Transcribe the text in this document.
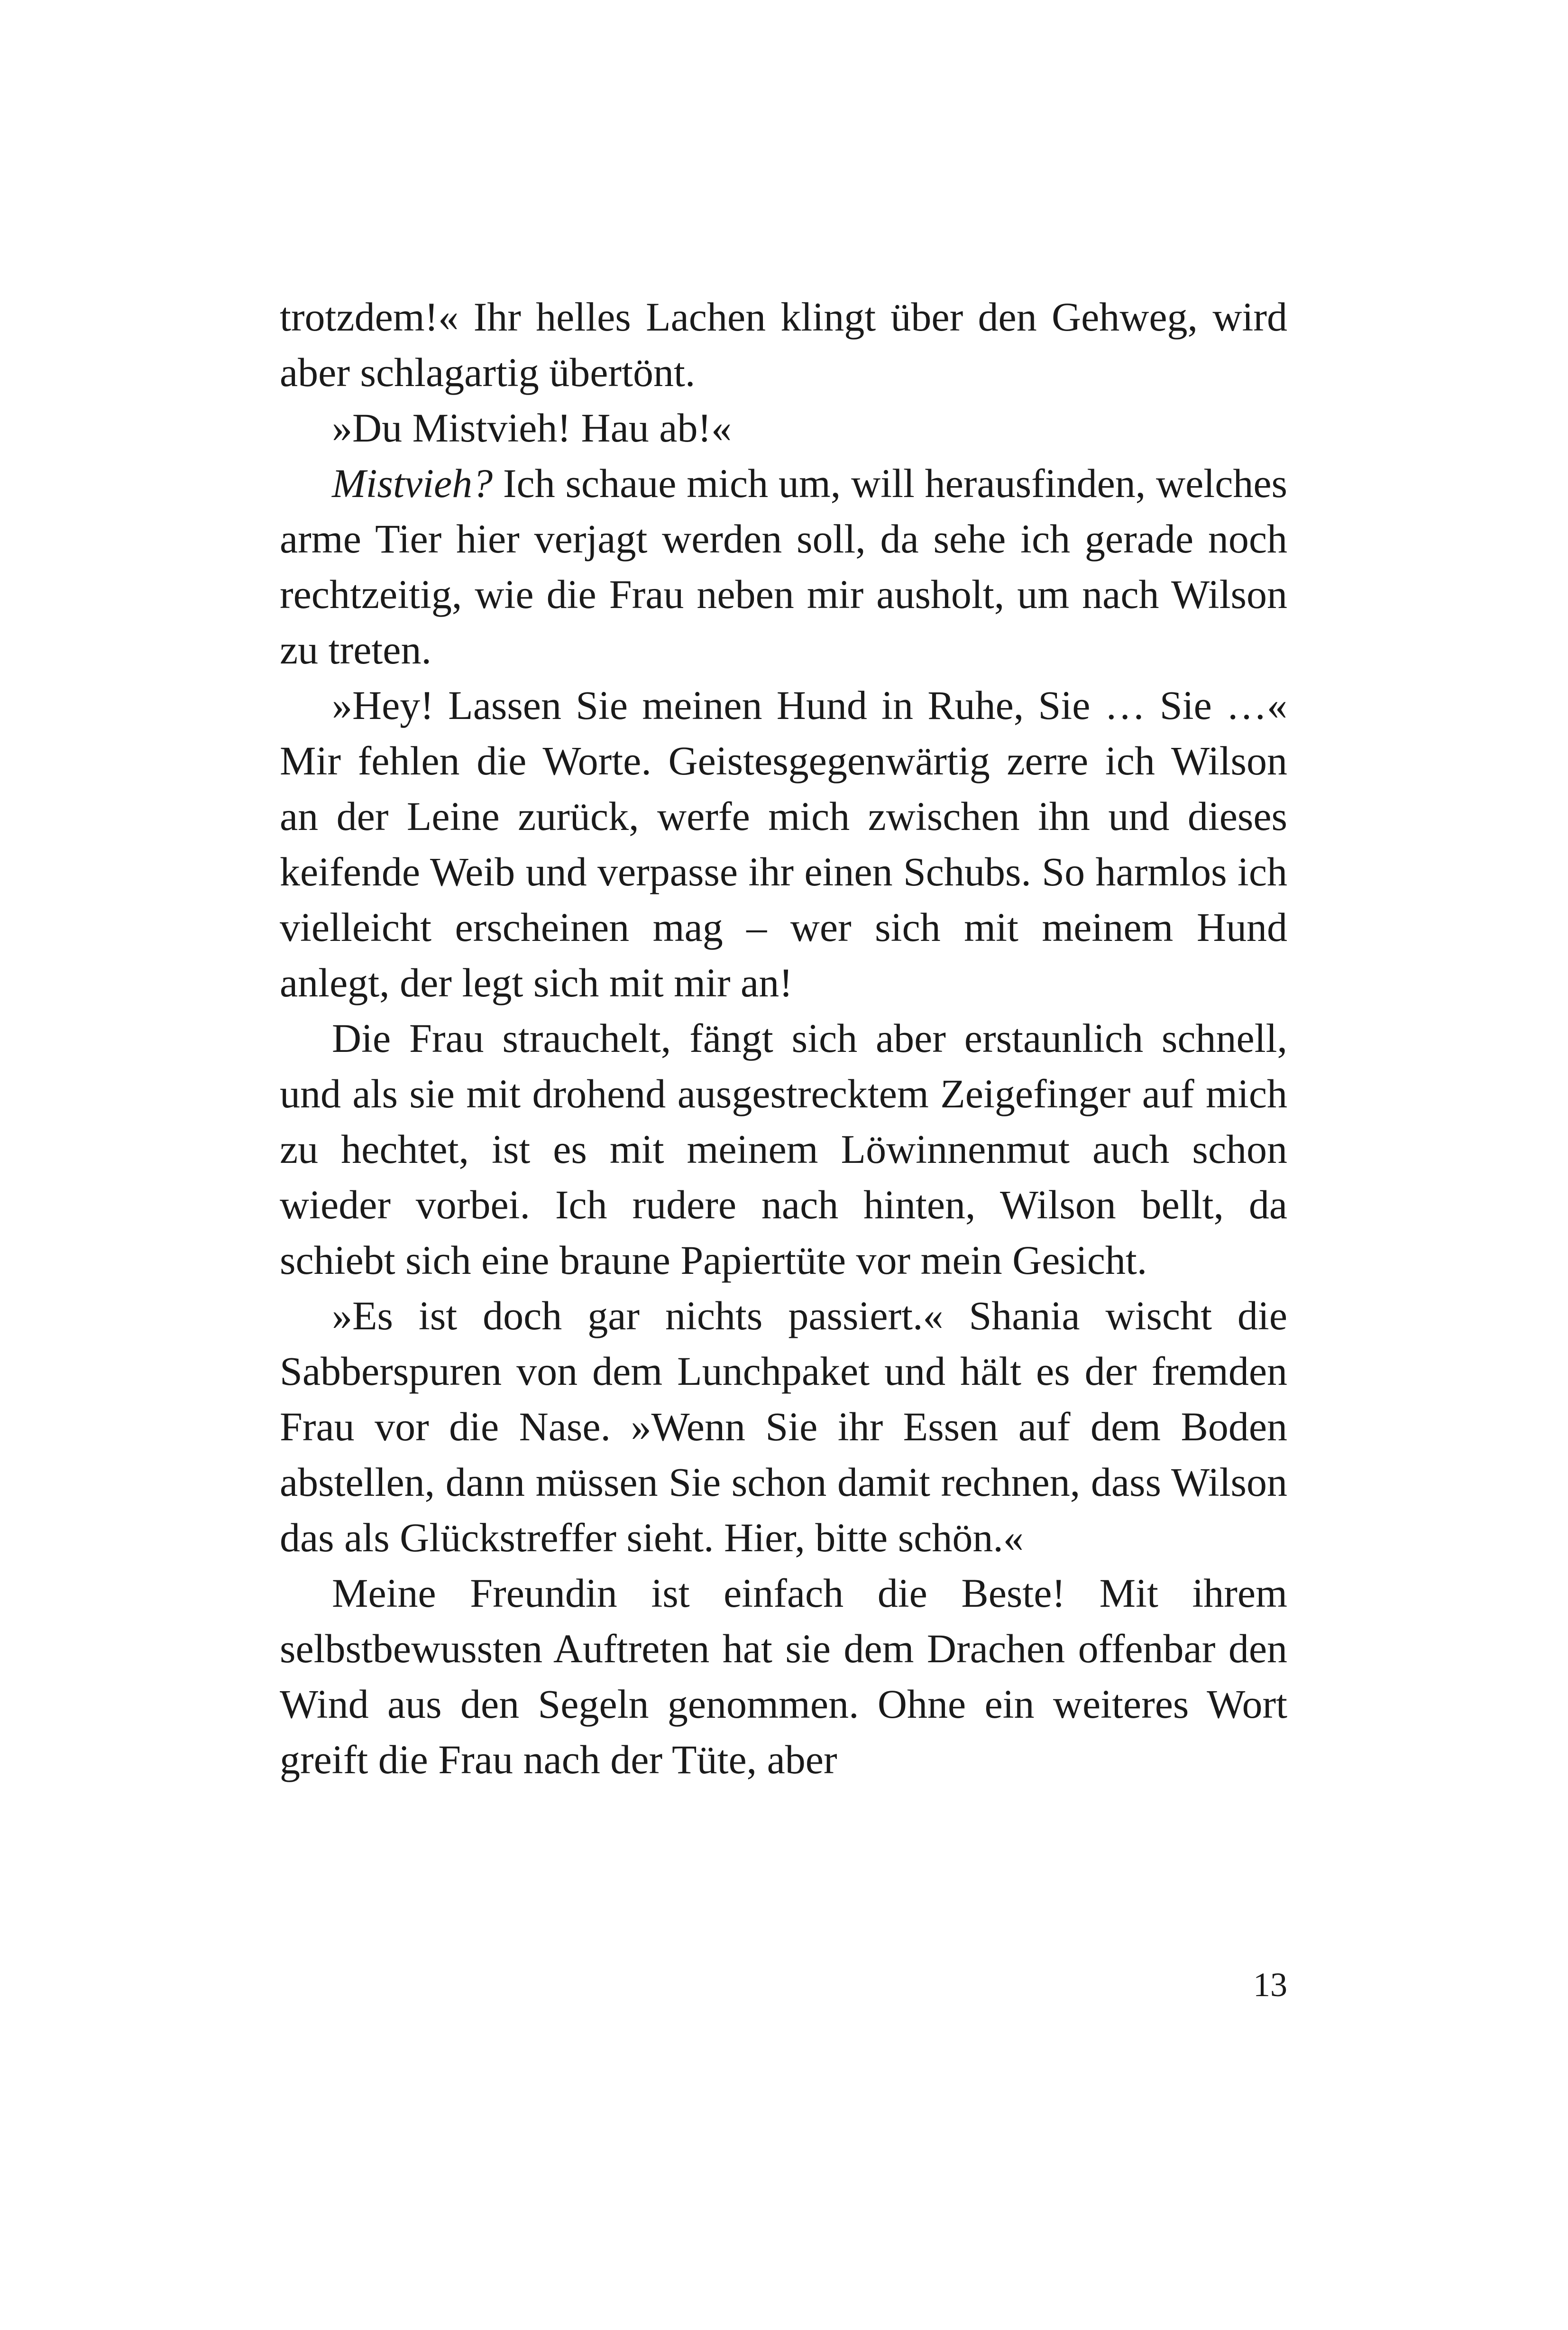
trotzdem!« Ihr helles Lachen klingt über den Gehweg, wird aber schlagartig übertönt.

»Du Mistvieh! Hau ab!«

Mistvieh? Ich schaue mich um, will herausfinden, welches arme Tier hier verjagt werden soll, da sehe ich gerade noch rechtzeitig, wie die Frau neben mir ausholt, um nach Wilson zu treten.

»Hey! Lassen Sie meinen Hund in Ruhe, Sie … Sie …« Mir fehlen die Worte. Geistesgegenwärtig zerre ich Wilson an der Leine zurück, werfe mich zwischen ihn und dieses keifende Weib und verpasse ihr einen Schubs. So harmlos ich vielleicht erscheinen mag – wer sich mit meinem Hund anlegt, der legt sich mit mir an!

Die Frau strauchelt, fängt sich aber erstaunlich schnell, und als sie mit drohend ausgestrecktem Zeigefinger auf mich zu hechtet, ist es mit meinem Löwinnenmut auch schon wieder vorbei. Ich rudere nach hinten, Wilson bellt, da schiebt sich eine braune Papiertüte vor mein Gesicht.

»Es ist doch gar nichts passiert.« Shania wischt die Sabberspuren von dem Lunchpaket und hält es der fremden Frau vor die Nase. »Wenn Sie ihr Essen auf dem Boden abstellen, dann müssen Sie schon damit rechnen, dass Wilson das als Glückstreffer sieht. Hier, bitte schön.«

Meine Freundin ist einfach die Beste! Mit ihrem selbstbewussten Auftreten hat sie dem Drachen offenbar den Wind aus den Segeln genommen. Ohne ein weiteres Wort greift die Frau nach der Tüte, aber

13
